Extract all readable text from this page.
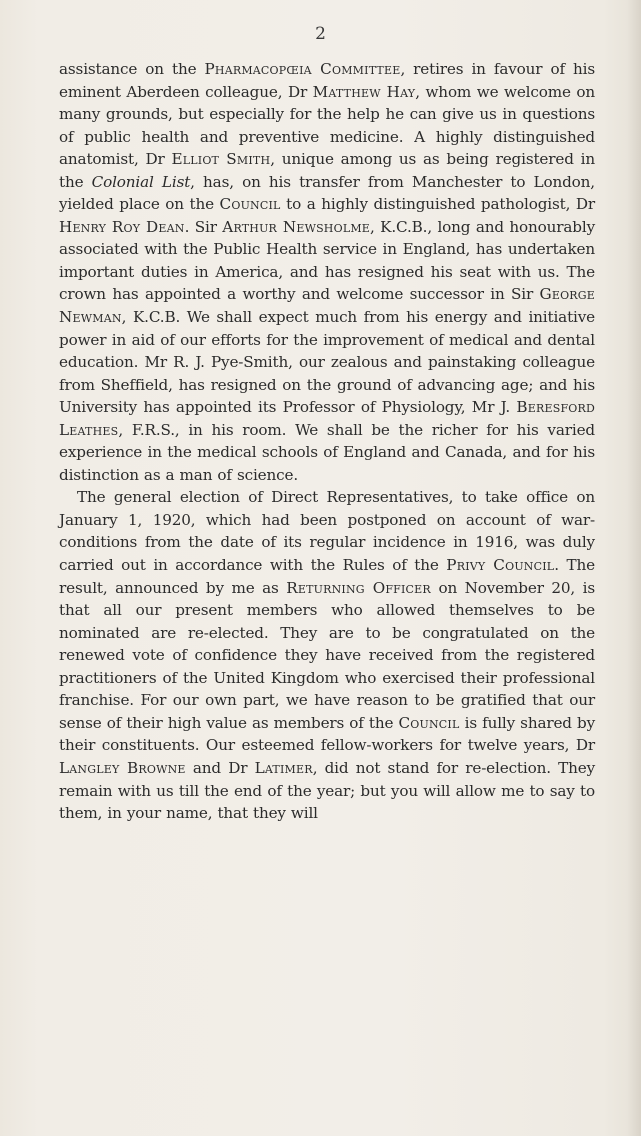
2

assistance on the Pharmacopœia Committee, retires in favour of his eminent Aberdeen colleague, Dr Matthew Hay, whom we welcome on many grounds, but especially for the help he can give us in questions of public health and preventive medicine. A highly distinguished anatomist, Dr Elliot Smith, unique among us as being registered in the Colonial List, has, on his transfer from Manchester to London, yielded place on the Council to a highly distinguished pathologist, Dr Henry Roy Dean. Sir Arthur Newsholme, K.C.B., long and honourably associated with the Public Health service in England, has undertaken important duties in America, and has resigned his seat with us. The crown has appointed a worthy and welcome successor in Sir George Newman, K.C.B. We shall expect much from his energy and initiative power in aid of our efforts for the improvement of medical and dental education. Mr R. J. Pye-Smith, our zealous and painstaking colleague from Sheffield, has resigned on the ground of advancing age; and his University has appointed its Professor of Physiology, Mr J. Beresford Leathes, F.R.S., in his room. We shall be the richer for his varied experience in the medical schools of England and Canada, and for his distinction as a man of science.

The general election of Direct Representatives, to take office on January 1, 1920, which had been postponed on account of war-conditions from the date of its regular incidence in 1916, was duly carried out in accordance with the Rules of the Privy Council. The result, announced by me as Returning Officer on November 20, is that all our present members who allowed themselves to be nominated are re-elected. They are to be congratulated on the renewed vote of confidence they have received from the registered practitioners of the United Kingdom who exercised their professional franchise. For our own part, we have reason to be gratified that our sense of their high value as members of the Council is fully shared by their constituents. Our esteemed fellow-workers for twelve years, Dr Langley Browne and Dr Latimer, did not stand for re-election. They remain with us till the end of the year; but you will allow me to say to them, in your name, that they will
